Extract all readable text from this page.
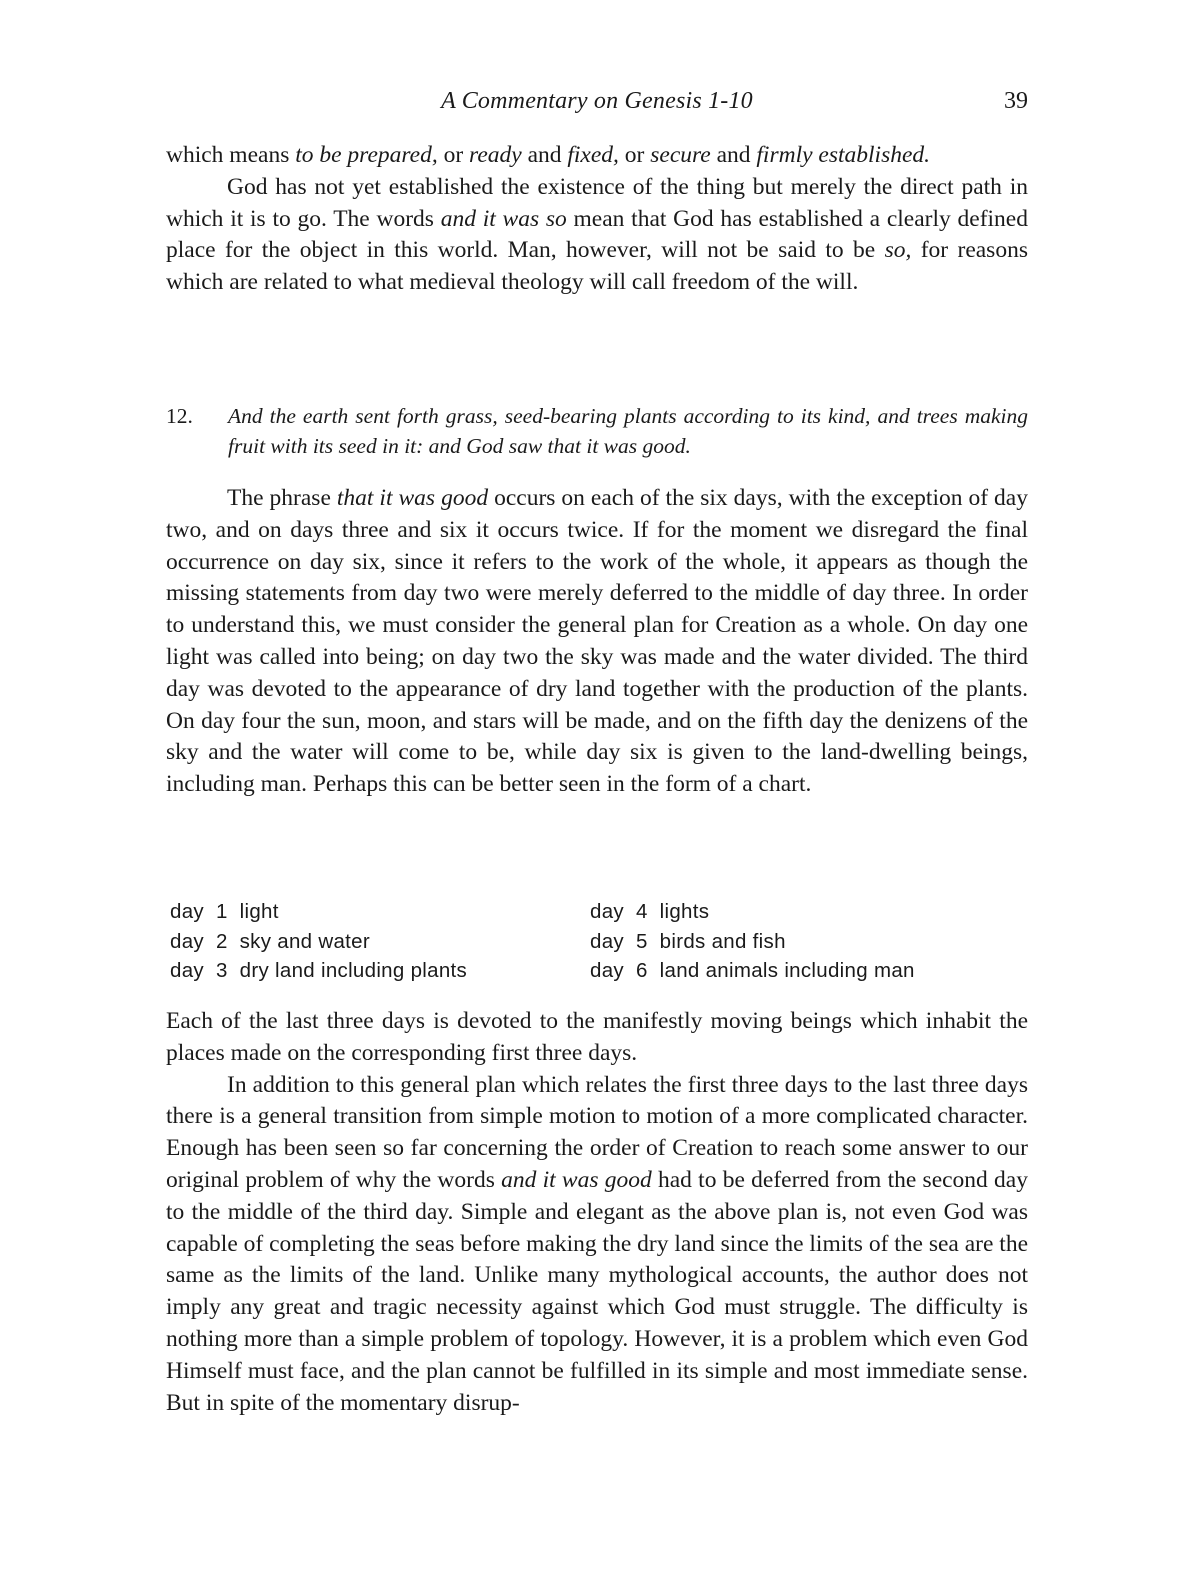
A Commentary on Genesis 1-10	39

which means to be prepared, or ready and fixed, or secure and firmly established.

God has not yet established the existence of the thing but merely the direct path in which it is to go. The words and it was so mean that God has established a clearly defined place for the object in this world. Man, however, will not be said to be so, for reasons which are related to what medieval theology will call freedom of the will.

12. And the earth sent forth grass, seed-bearing plants according to its kind, and trees making fruit with its seed in it: and God saw that it was good.

The phrase that it was good occurs on each of the six days, with the exception of day two, and on days three and six it occurs twice. If for the moment we disregard the final occurrence on day six, since it refers to the work of the whole, it appears as though the missing statements from day two were merely deferred to the middle of day three. In order to understand this, we must consider the general plan for Creation as a whole. On day one light was called into being; on day two the sky was made and the water divided. The third day was devoted to the appearance of dry land together with the production of the plants. On day four the sun, moon, and stars will be made, and on the fifth day the denizens of the sky and the water will come to be, while day six is given to the land-dwelling beings, including man. Perhaps this can be better seen in the form of a chart.

day  1  light
day  2  sky and water
day  3  dry land including plants
day  4  lights
day  5  birds and fish
day  6  land animals including man

Each of the last three days is devoted to the manifestly moving beings which inhabit the places made on the corresponding first three days.

In addition to this general plan which relates the first three days to the last three days there is a general transition from simple motion to motion of a more complicated character. Enough has been seen so far concerning the order of Creation to reach some answer to our original problem of why the words and it was good had to be deferred from the second day to the middle of the third day. Simple and elegant as the above plan is, not even God was capable of completing the seas before making the dry land since the limits of the sea are the same as the limits of the land. Unlike many mythological accounts, the author does not imply any great and tragic necessity against which God must struggle. The difficulty is nothing more than a simple problem of topology. However, it is a problem which even God Himself must face, and the plan cannot be fulfilled in its simple and most immediate sense. But in spite of the momentary disrup-
